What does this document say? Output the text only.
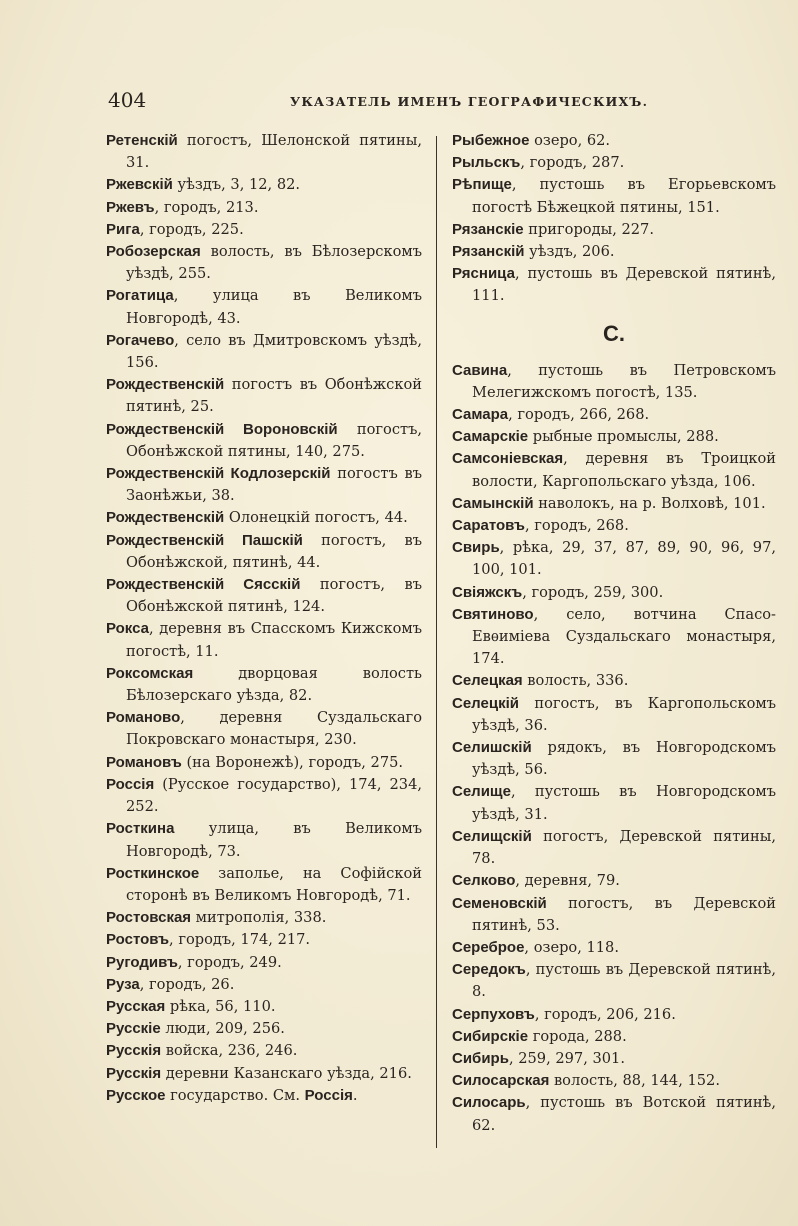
404	УКАЗАТЕЛЬ ИМЕНЪ ГЕОГРАФИЧЕСКИХЪ.
Ретенскій погостъ, Шелонской пятины, 31.
Ржевскій уѣздъ, 3, 12, 82.
Ржевъ, городъ, 213.
Рига, городъ, 225.
Робозерская волость, въ Бѣлозерскомъ уѣздѣ, 255.
Рогатица, улица въ Великомъ Новгородѣ, 43.
Рогачево, село въ Дмитровскомъ уѣздѣ, 156.
Рождественскій погостъ въ Обонѣжской пятинѣ, 25.
Рождественскій Вороновскій погостъ, Обонѣжской пятины, 140, 275.
Рождественскій Кодлозерскій погостъ въ Заонѣжьи, 38.
Рождественскій Олонецкій погостъ, 44.
Рождественскій Пашскій погостъ, въ Обонѣжской, пятинѣ, 44.
Рождественскій Сясскій погостъ, въ Обонѣжской пятинѣ, 124.
Рокса, деревня въ Спасскомъ Кижскомъ погостѣ, 11.
Роксомская дворцовая волость Бѣлозерскаго уѣзда, 82.
Романово, деревня Суздальскаго Покровскаго монастыря, 230.
Романовъ (на Воронежѣ), городъ, 275.
Россія (Русское государство), 174, 234, 252.
Росткина улица, въ Великомъ Новгородѣ, 73.
Росткинское заполье, на Софійской сторонѣ въ Великомъ Новгородѣ, 71.
Ростовская митрополія, 338.
Ростовъ, городъ, 174, 217.
Ругодивъ, городъ, 249.
Руза, городъ, 26.
Русская рѣка, 56, 110.
Русскіе люди, 209, 256.
Русскія войска, 236, 246.
Русскія деревни Казанскаго уѣзда, 216.
Русское государство. См. Россія.
Рыбежное озеро, 62.
Рыльскъ, городъ, 287.
Рѣпище, пустошь въ Егорьевскомъ погостѣ Бѣжецкой пятины, 151.
Рязанскіе пригороды, 227.
Рязанскій уѣздъ, 206.
Рясница, пустошь въ Деревской пятинѣ, 111.
С.
Савина, пустошь въ Петровскомъ Мелегижскомъ погостѣ, 135.
Самара, городъ, 266, 268.
Самарскіе рыбные промыслы, 288.
Самсоніевская, деревня въ Троицкой волости, Каргопольскаго уѣзда, 106.
Самынскій наволокъ, на р. Волховѣ, 101.
Саратовъ, городъ, 268.
Свирь, рѣка, 29, 37, 87, 89, 90, 96, 97, 100, 101.
Свіяжскъ, городъ, 259, 300.
Святиново, село, вотчина Спасо-Евѳиміева Суздальскаго монастыря, 174.
Селецкая волость, 336.
Селецкій погостъ, въ Каргопольскомъ уѣздѣ, 36.
Селишскій рядокъ, въ Новгородскомъ уѣздѣ, 56.
Селище, пустошь въ Новгородскомъ уѣздѣ, 31.
Селищскій погостъ, Деревской пятины, 78.
Селково, деревня, 79.
Семеновскій погостъ, въ Деревской пятинѣ, 53.
Сереброе, озеро, 118.
Середокъ, пустошь въ Деревской пятинѣ, 8.
Серпуховъ, городъ, 206, 216.
Сибирскіе города, 288.
Сибирь, 259, 297, 301.
Силосарская волость, 88, 144, 152.
Силосарь, пустошь въ Вотской пятинѣ, 62.
